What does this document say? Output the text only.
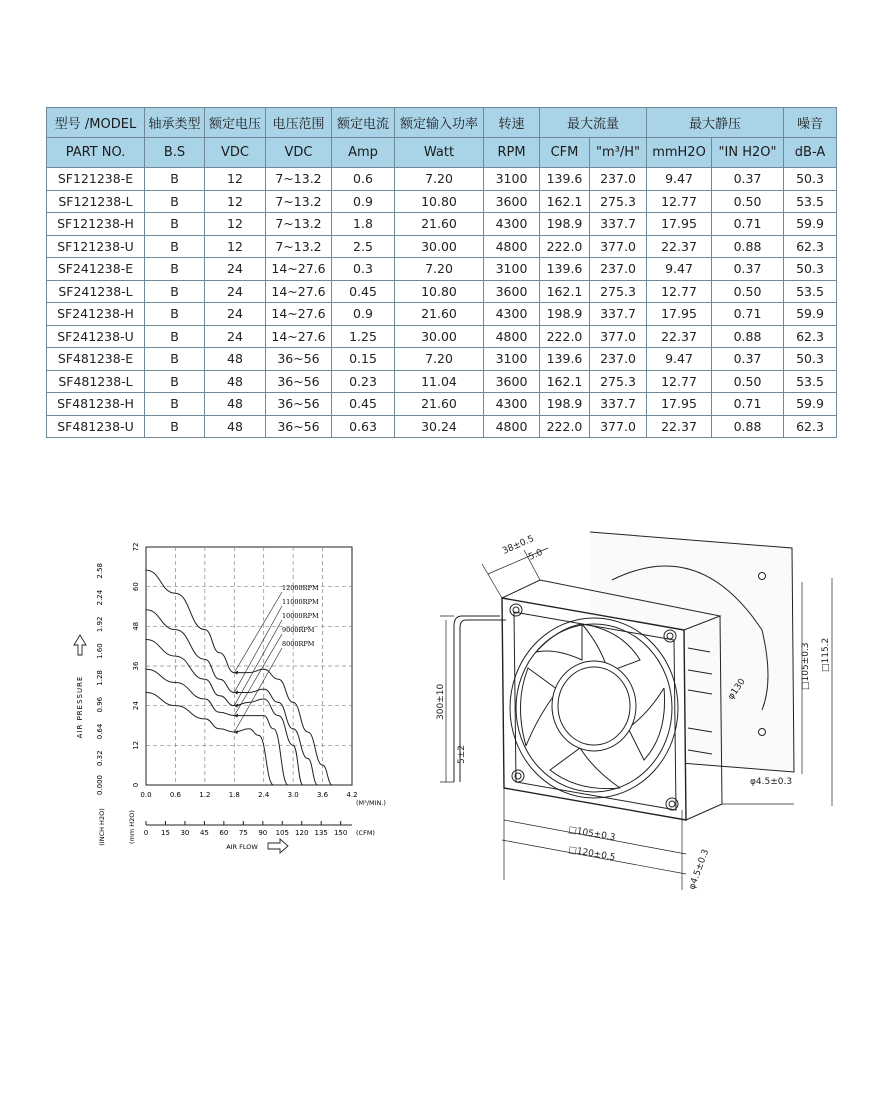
型号 /MODEL	轴承类型	额定电压	电压范围	额定电流	额定输入功率	转速	最大流量		最大静压		噪音
PART NO.	B.S	VDC	VDC	Amp	Watt	RPM	CFM	"m³/H"	mmH2O	"IN H2O"	dB-A
SF121238-E	B	12	7~13.2	0.6	7.20	3100	139.6	237.0	9.47	0.37	50.3
SF121238-L	B	12	7~13.2	0.9	10.80	3600	162.1	275.3	12.77	0.50	53.5
SF121238-H	B	12	7~13.2	1.8	21.60	4300	198.9	337.7	17.95	0.71	59.9
SF121238-U	B	12	7~13.2	2.5	30.00	4800	222.0	377.0	22.37	0.88	62.3
SF241238-E	B	24	14~27.6	0.3	7.20	3100	139.6	237.0	9.47	0.37	50.3
SF241238-L	B	24	14~27.6	0.45	10.80	3600	162.1	275.3	12.77	0.50	53.5
SF241238-H	B	24	14~27.6	0.9	21.60	4300	198.9	337.7	17.95	0.71	59.9
SF241238-U	B	24	14~27.6	1.25	30.00	4800	222.0	377.0	22.37	0.88	62.3
SF481238-E	B	48	36~56	0.15	7.20	3100	139.6	237.0	9.47	0.37	50.3
SF481238-L	B	48	36~56	0.23	11.04	3600	162.1	275.3	12.77	0.50	53.5
SF481238-H	B	48	36~56	0.45	21.60	4300	198.9	337.7	17.95	0.71	59.9
SF481238-U	B	48	36~56	0.63	30.24	4800	222.0	377.0	22.37	0.88	62.3
0
12
24
36
48
60
72
0.000
0.32
0.64
0.96
1.28
1.60
1.92
2.24
2.58
0.0	0.6	1.2	1.8	2.4	3.0	3.6	4.2
(M³/MIN.)
0 15 30 45 60 75 90 105 120 135 150 (CFM)
AIR PRESSURE
(INCH H2O)	(mm H2O)
AIR FLOW
12000RPM
11000RPM
10000RPM
9000RPM
8000RPM
38±0.5
5.0
300±10
5±2
□105±0.3 □115.2
φ130
φ4.5±0.3
□105±0.3
□120±0.5	φ4.5±0.3
